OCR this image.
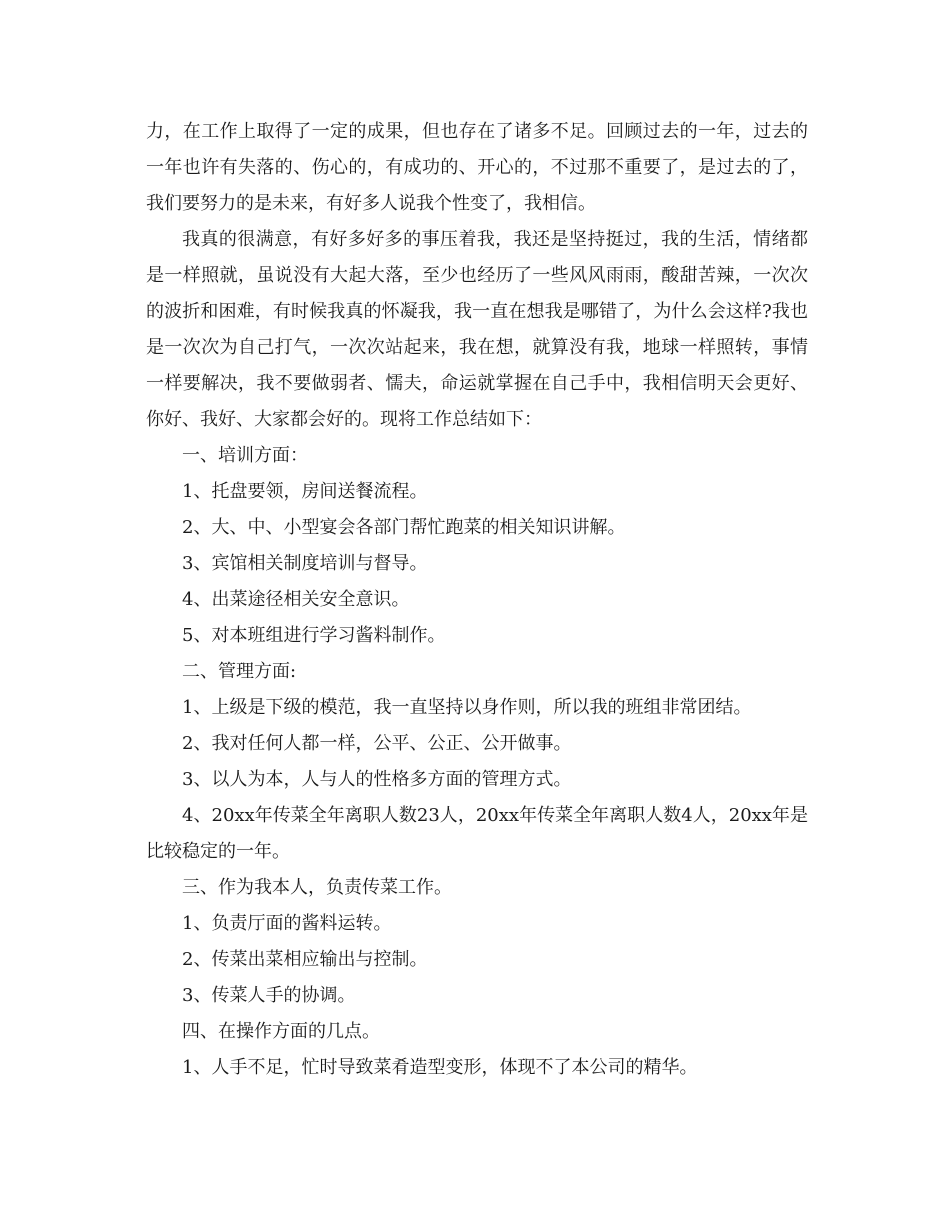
力，在工作上取得了一定的成果，但也存在了诸多不足。回顾过去的一年，过去的一年也许有失落的、伤心的，有成功的、开心的，不过那不重要了，是过去的了，我们要努力的是未来，有好多人说我个性变了，我相信。

我真的很满意，有好多好多的事压着我，我还是坚持挺过，我的生活，情绪都是一样照就，虽说没有大起大落，至少也经历了一些风风雨雨，酸甜苦辣，一次次的波折和困难，有时候我真的怀凝我，我一直在想我是哪错了，为什么会这样?我也是一次次为自己打气，一次次站起来，我在想，就算没有我，地球一样照转，事情一样要解决，我不要做弱者、懦夫，命运就掌握在自己手中，我相信明天会更好、你好、我好、大家都会好的。现将工作总结如下：

一、培训方面：

1、托盘要领，房间送餐流程。

2、大、中、小型宴会各部门帮忙跑菜的相关知识讲解。

3、宾馆相关制度培训与督导。

4、出菜途径相关安全意识。

5、对本班组进行学习酱料制作。

二、管理方面:

1、上级是下级的模范，我一直坚持以身作则，所以我的班组非常团结。

2、我对任何人都一样，公平、公正、公开做事。

3、以人为本，人与人的性格多方面的管理方式。

4、20xx年传菜全年离职人数23人，20xx年传菜全年离职人数4人，20xx年是比较稳定的一年。

三、作为我本人，负责传菜工作。

1、负责厅面的酱料运转。

2、传菜出菜相应输出与控制。

3、传菜人手的协调。

四、在操作方面的几点。

1、人手不足，忙时导致菜肴造型变形，体现不了本公司的精华。
